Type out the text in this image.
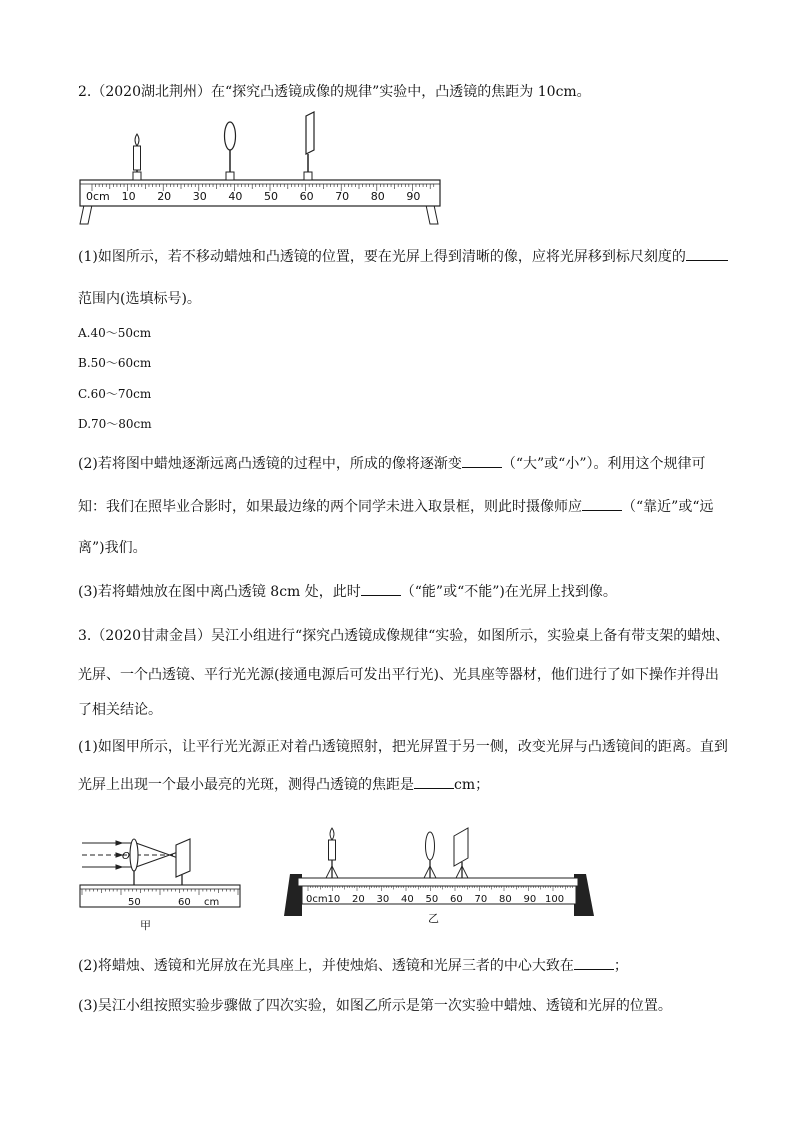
2.（2020湖北荆州）在“探究凸透镜成像的规律”实验中，凸透镜的焦距为 10cm。
0cm 10 20 30 40 50 60 70 80 90
(1)如图所示，若不移动蜡烛和凸透镜的位置，要在光屏上得到清晰的像，应将光屏移到标尺刻度的
范围内(选填标号)。
A.40～50cm
B.50～60cm
C.60～70cm
D.70～80cm
(2)若将图中蜡烛逐渐远离凸透镜的过程中，所成的像将逐渐变	（“大”或“小”）。利用这个规律可
知：我们在照毕业合影时，如果最边缘的两个同学未进入取景框，则此时摄像师应	（“靠近”或“远
离”)我们。
(3)若将蜡烛放在图中离凸透镜 8cm 处，此时	（“能”或“不能”)在光屏上找到像。
3.（2020甘肃金昌）吴江小组进行“探究凸透镜成像规律“实验，如图所示，实验桌上备有带支架的蜡烛、
光屏、一个凸透镜、平行光光源(接通电源后可发出平行光)、光具座等器材，他们进行了如下操作并得出
了相关结论。
(1)如图甲所示，让平行光光源正对着凸透镜照射，把光屏置于另一侧，改变光屏与凸透镜间的距离。直到
光屏上出现一个最小最亮的光斑，测得凸透镜的焦距是	cm；
O
50	60 cm
甲
10 20 30 40 50 60 70 80 90 100
0cm
乙
(2)将蜡烛、透镜和光屏放在光具座上，并使烛焰、透镜和光屏三者的中心大致在	；
(3)吴江小组按照实验步骤做了四次实验，如图乙所示是第一次实验中蜡烛、透镜和光屏的位置。
